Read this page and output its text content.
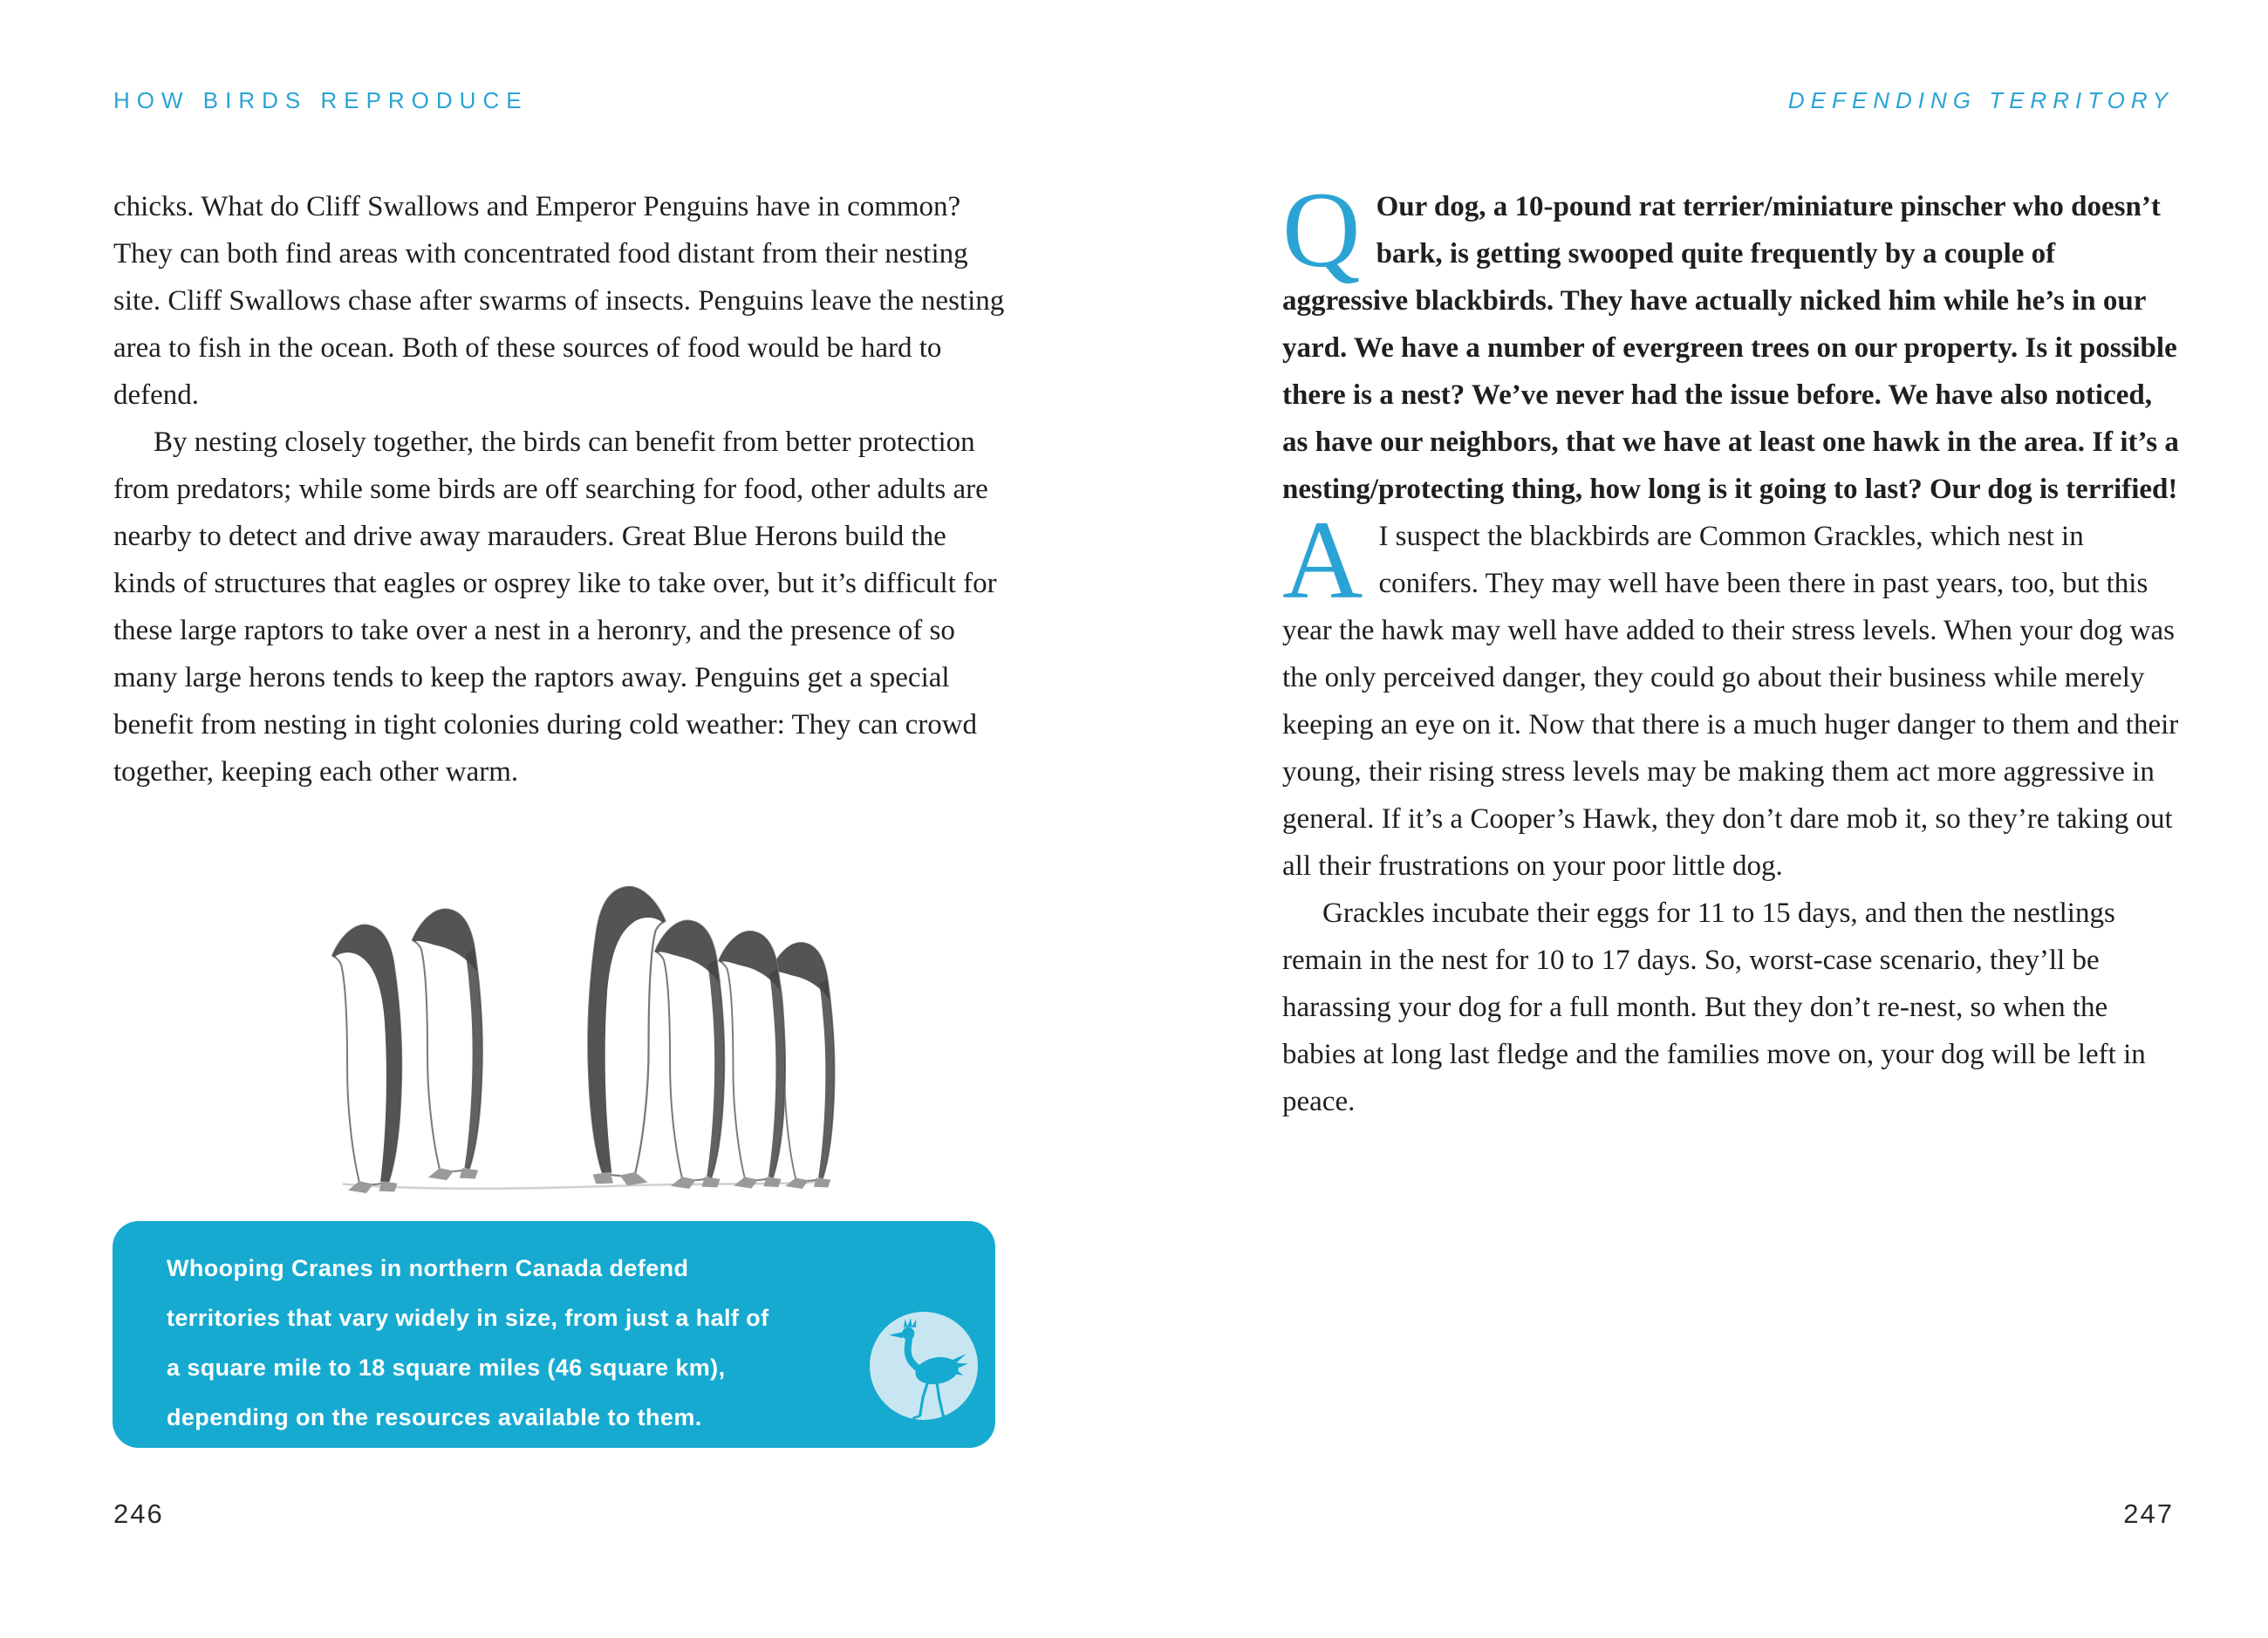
HOW BIRDS REPRODUCE

chicks. What do Cliff Swallows and Emperor Penguins have in common? They can both find areas with concentrated food distant from their nesting site. Cliff Swallows chase after swarms of insects. Penguins leave the nesting area to fish in the ocean. Both of these sources of food would be hard to defend.

By nesting closely together, the birds can benefit from better protection from predators; while some birds are off searching for food, other adults are nearby to detect and drive away marauders. Great Blue Herons build the kinds of structures that eagles or osprey like to take over, but it’s difficult for these large raptors to take over a nest in a heronry, and the presence of so many large herons tends to keep the raptors away. Penguins get a special benefit from nesting in tight colonies during cold weather: They can crowd together, keeping each other warm.

Whooping Cranes in northern Canada defend territories that vary widely in size, from just a half of a square mile to 18 square miles (46 square km), depending on the resources available to them.

246
DEFENDING TERRITORY

Q Our dog, a 10-pound rat terrier/miniature pinscher who doesn’t bark, is getting swooped quite frequently by a couple of aggressive blackbirds. They have actually nicked him while he’s in our yard. We have a number of evergreen trees on our property. Is it possible there is a nest? We’ve never had the issue before. We have also noticed, as have our neighbors, that we have at least one hawk in the area. If it’s a nesting/protecting thing, how long is it going to last? Our dog is terrified!

A I suspect the blackbirds are Common Grackles, which nest in conifers. They may well have been there in past years, too, but this year the hawk may well have added to their stress levels. When your dog was the only perceived danger, they could go about their business while merely keeping an eye on it. Now that there is a much huger danger to them and their young, their rising stress levels may be making them act more aggressive in general. If it’s a Cooper’s Hawk, they don’t dare mob it, so they’re taking out all their frustrations on your poor little dog.

Grackles incubate their eggs for 11 to 15 days, and then the nestlings remain in the nest for 10 to 17 days. So, worst-case scenario, they’ll be harassing your dog for a full month. But they don’t re-nest, so when the babies at long last fledge and the families move on, your dog will be left in peace.

247
